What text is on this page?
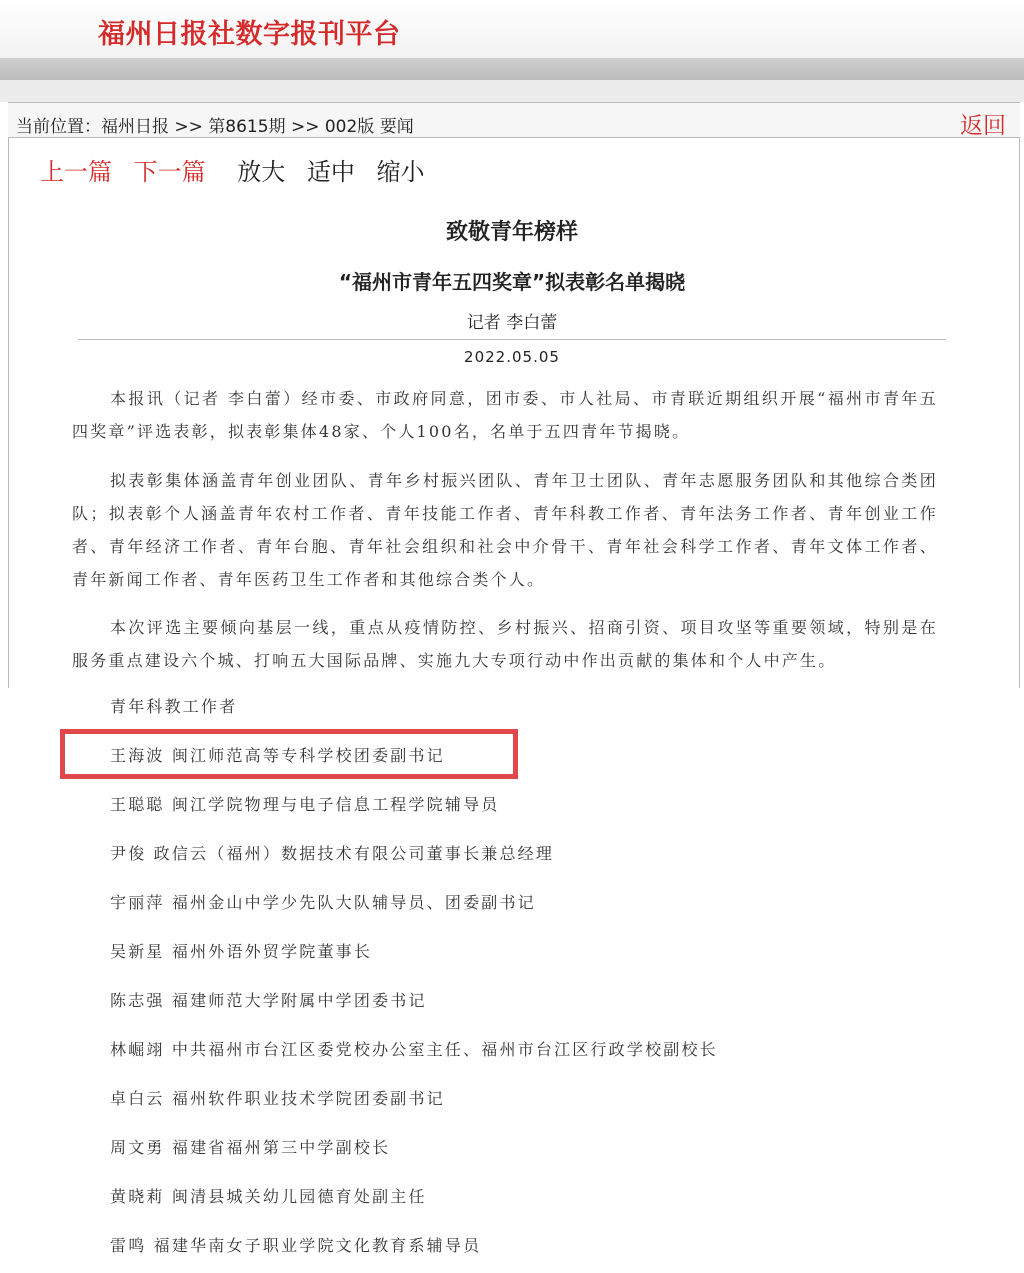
福州日报社数字报刊平台
当前位置：福州日报 >> 第8615期 >> 002版 要闻	返回
上一篇 下一篇 放大 适中 缩小
致敬青年榜样
“福州市青年五四奖章”拟表彰名单揭晓
记者 李白蕾
2022.05.05
本报讯（记者 李白蕾）经市委、市政府同意，团市委、市人社局、市青联近期组织开展“福州市青年五四奖章”评选表彰，拟表彰集体48家、个人100名，名单于五四青年节揭晓。
拟表彰集体涵盖青年创业团队、青年乡村振兴团队、青年卫士团队、青年志愿服务团队和其他综合类团队；拟表彰个人涵盖青年农村工作者、青年技能工作者、青年科教工作者、青年法务工作者、青年创业工作者、青年经济工作者、青年台胞、青年社会组织和社会中介骨干、青年社会科学工作者、青年文体工作者、青年新闻工作者、青年医药卫生工作者和其他综合类个人。
本次评选主要倾向基层一线，重点从疫情防控、乡村振兴、招商引资、项目攻坚等重要领域，特别是在服务重点建设六个城、打响五大国际品牌、实施九大专项行动中作出贡献的集体和个人中产生。
青年科教工作者
王海波 闽江师范高等专科学校团委副书记
王聪聪 闽江学院物理与电子信息工程学院辅导员
尹俊 政信云（福州）数据技术有限公司董事长兼总经理
宇丽萍 福州金山中学少先队大队辅导员、团委副书记
吴新星 福州外语外贸学院董事长
陈志强 福建师范大学附属中学团委书记
林崛翊 中共福州市台江区委党校办公室主任、福州市台江区行政学校副校长
卓白云 福州软件职业技术学院团委副书记
周文勇 福建省福州第三中学副校长
黄晓莉 闽清县城关幼儿园德育处副主任
雷鸣 福建华南女子职业学院文化教育系辅导员
